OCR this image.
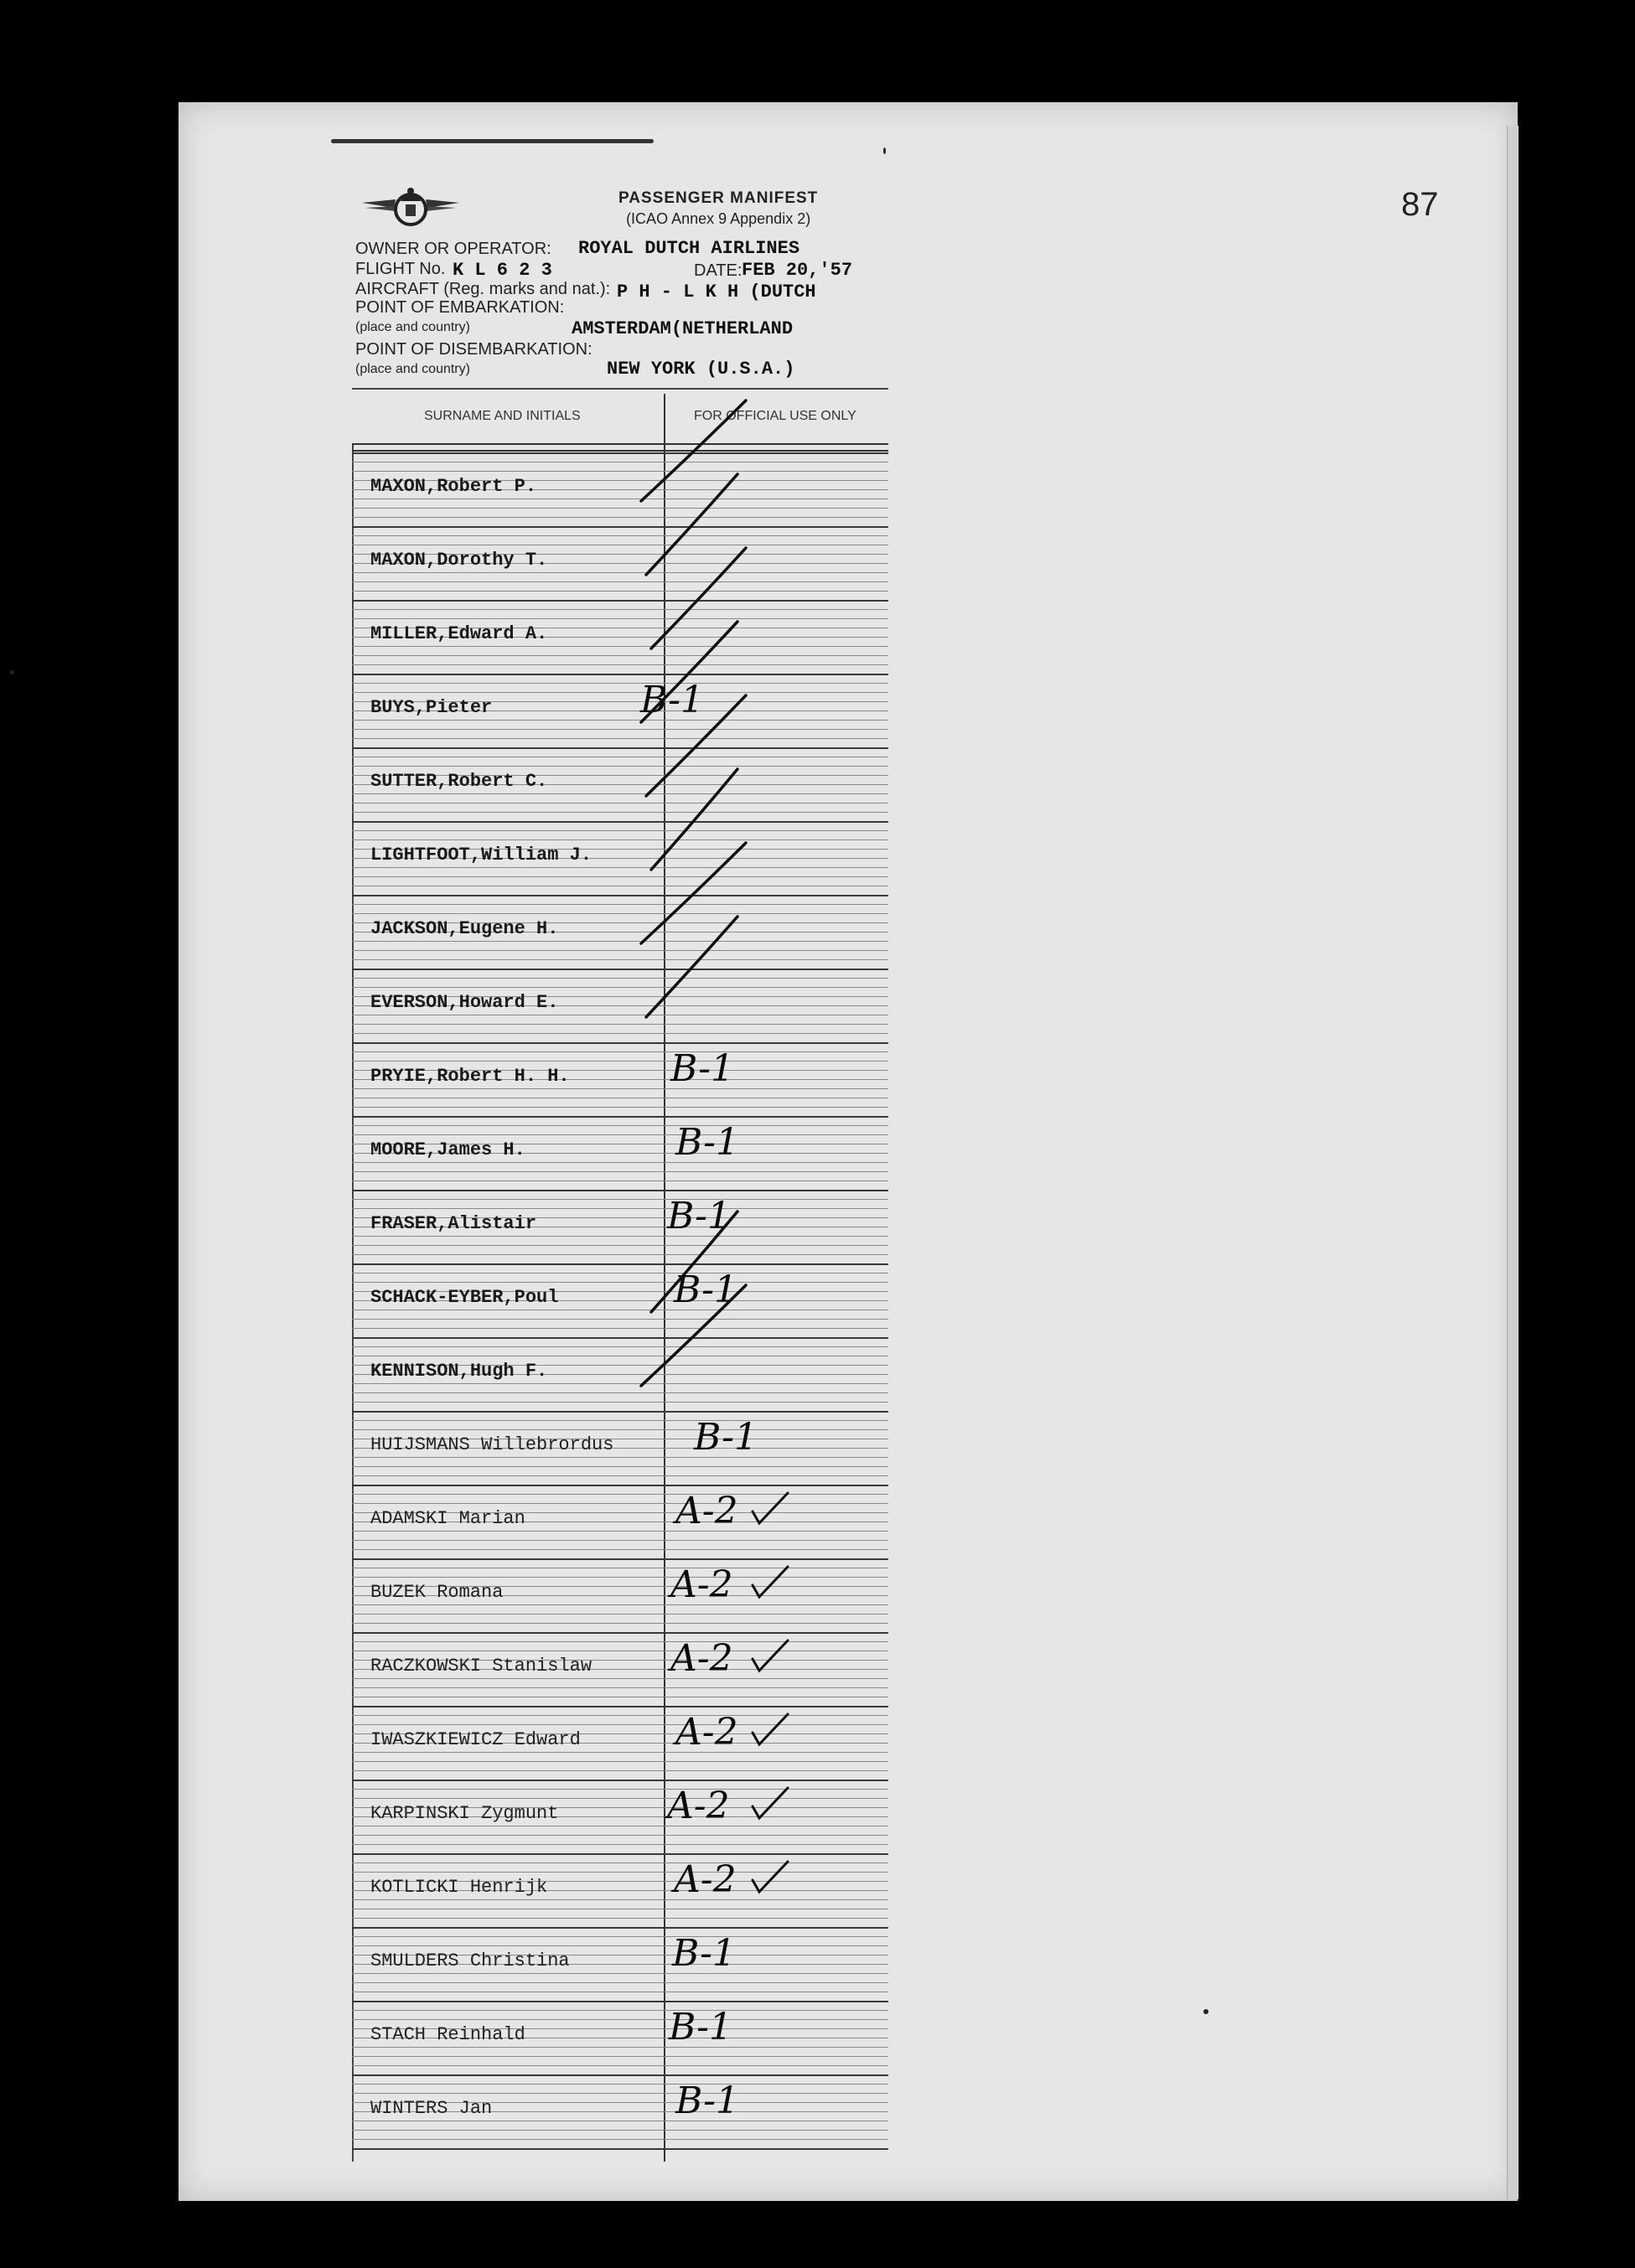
87
PASSENGER MANIFEST
(ICAO Annex 9 Appendix 2)
OWNER OR OPERATOR: ROYAL DUTCH AIRLINES
FLIGHT No. K L 6 2 3	DATE: FEB 20,'57
AIRCRAFT (Reg. marks and nat.): P H - L K H (DUTCH
POINT OF EMBARKATION:
(place and country)	AMSTERDAM(NETHERLAND
POINT OF DISEMBARKATION:
(place and country)	NEW YORK (U.S.A.)
SURNAME AND INITIALS	FOR OFFICIAL USE ONLY
MAXON,Robert P.
MAXON,Dorothy T.
MILLER,Edward A.
BUYS,Pieter	B-1
SUTTER,Robert C.
LIGHTFOOT,William J.
JACKSON,Eugene H.
EVERSON,Howard E.
PRYIE,Robert H. H.	B-1
MOORE,James H.	B-1
FRASER,Alistair	B-1
SCHACK-EYBER,Poul	B-1
KENNISON,Hugh F.
HUIJSMANS Willebrordus B-1
ADAMSKI Marian	A-2
BUZEK Romana	A-2
RACZKOWSKI Stanislaw A-2
IWASZKIEWICZ Edward	A-2
KARPINSKI Zygmunt	A-2
KOTLICKI Henrijk	A-2
SMULDERS Christina	B-1
STACH Reinhald	B-1
WINTERS Jan	B-1
